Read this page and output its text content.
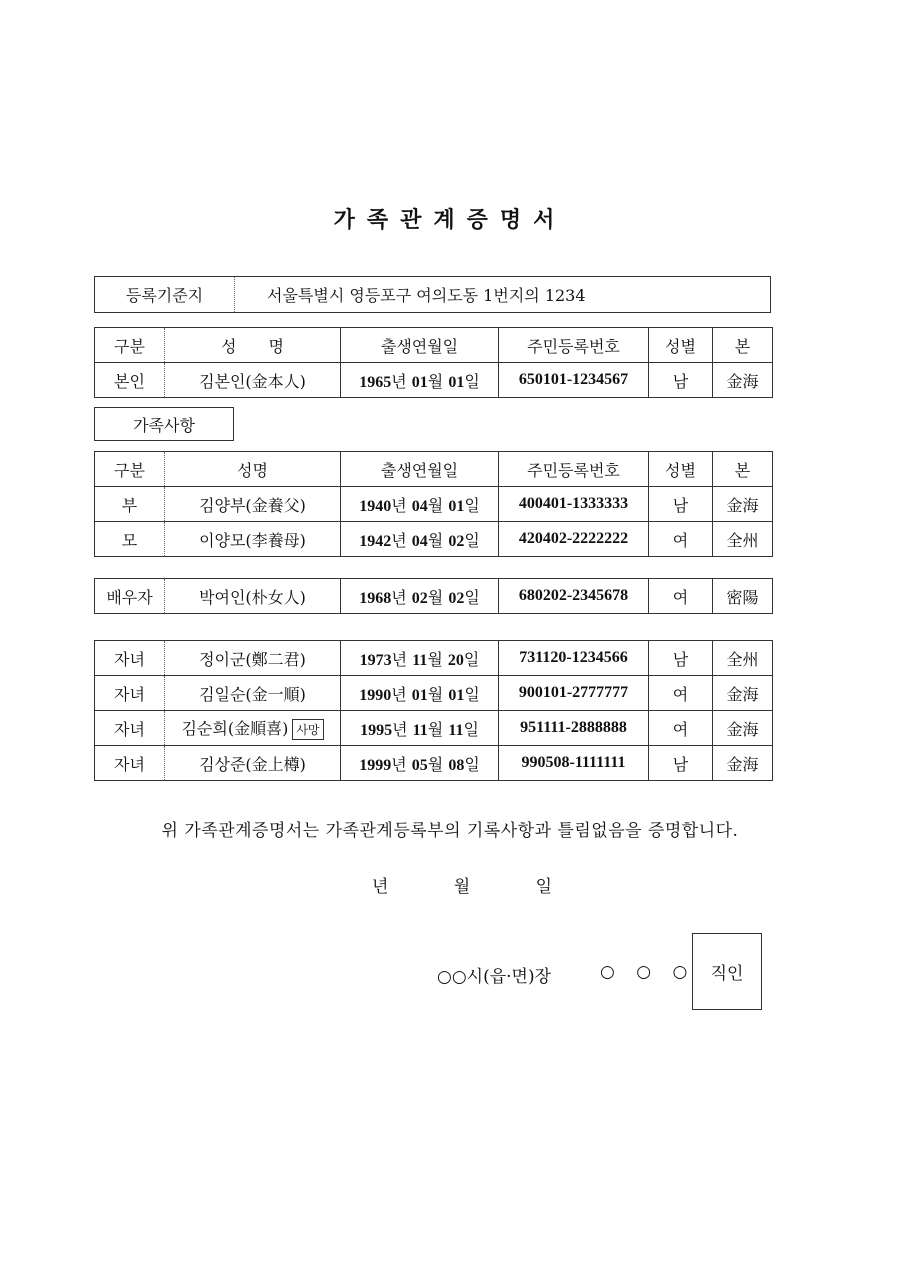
가족관계증명서
등록기준지	서울특별시 영등포구 여의도동 1번지의 1234
구분	성　　명	출생연월일	주민등록번호	성별	본
본인	김본인(金本人)	1965년 01월 01일	650101-1234567	남	金海
가족사항
구분	성명	출생연월일	주민등록번호	성별	본
부	김양부(金養父)	1940년 04월 01일	400401-1333333	남	金海
모	이양모(李養母)	1942년 04월 02일	420402-2222222	여	全州
배우자	박여인(朴女人)	1968년 02월 02일	680202-2345678	여	密陽
자녀	정이군(鄭二君)	1973년 11월 20일	731120-1234566	남	全州
자녀	김일순(金一順)	1990년 01월 01일	900101-2777777	여	金海
자녀	김순희(金順喜) 사망	1995년 11월 11일	951111-2888888	여	金海
자녀	김상준(金上樽)	1999년 05월 08일	990508-1111111	남	金海
위 가족관계증명서는 가족관계등록부의 기록사항과 틀림없음을 증명합니다.
년	월	일
○○시(읍·면)장	○ ○ ○ 직인
